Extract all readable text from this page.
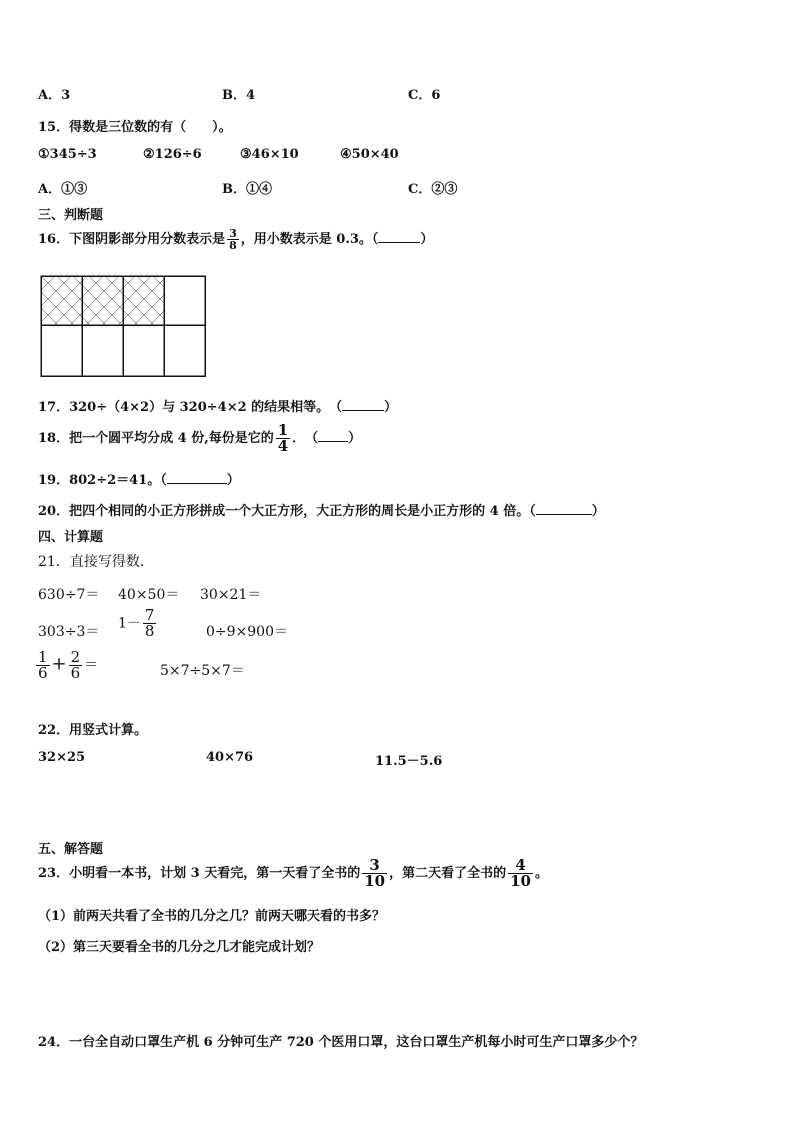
A．3	B．4	C．6
15．得数是三位数的有（　　）。
①345÷3	②126÷6	③46×10	④50×40
A．①③	B．①④	C．②③
三、判断题
16．下图阴影部分用分数表示是 $\frac{3}{8}$ ，用小数表示是 0.3。（	）
17．320÷（4×2）与 320÷4×2 的结果相等。　（	）
18．把一个圆平均分成 4 份,每份是它的 $\frac{1}{4}$ ．　（ ）
19．802÷2＝41。（	）
20．把四个相同的小正方形拼成一个大正方形，大正方形的周长是小正方形的 4 倍。（	）
四、计算题
21．直接写得数．
630÷7＝ 40×50＝ 30×21＝
303÷3＝
$1- \frac{7}{8}$	0÷9×900＝
$\frac{1}{6} + \frac{2}{6}$ ＝	5×7÷5×7＝
22．用竖式计算。
32×25	40×76	11.5－5.6
五、解答题
23．小明看一本书，计划 3 天看完，第一天看了全书的 $\frac{3}{10}$ ，第二天看了全书的 $\frac{4}{10}$ 。
（1）前两天共看了全书的几分之几？前两天哪天看的书多？
（2）第三天要看全书的几分之几才能完成计划？
24．一台全自动口罩生产机 6 分钟可生产 720 个医用口罩，这台口罩生产机每小时可生产口罩多少个？
